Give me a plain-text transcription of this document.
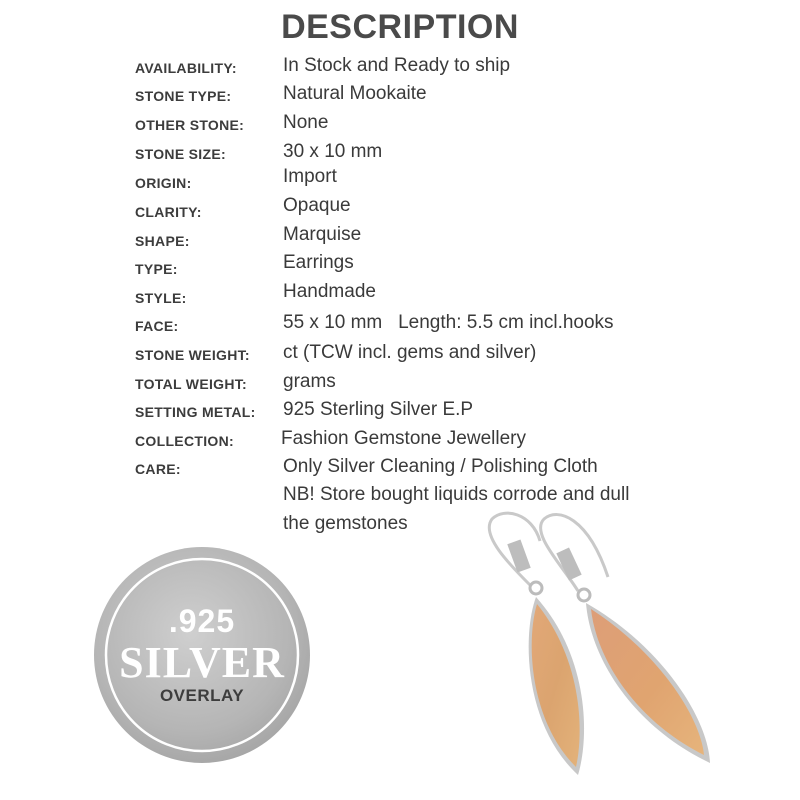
DESCRIPTION
AVAILABILITY: In Stock and Ready to ship
STONE TYPE:	Natural Mookaite
OTHER STONE: None
STONE SIZE:	30 x 10 mm
ORIGIN:	Import
CLARITY:	Opaque
SHAPE:	Marquise
TYPE:	Earrings
STYLE:	Handmade
FACE:	55 x 10 mm   Length: 5.5 cm incl.hooks
STONE WEIGHT: ct (TCW incl. gems and silver)
TOTAL WEIGHT: grams
SETTING METAL: 925 Sterling Silver E.P
COLLECTION: Fashion Gemstone Jewellery
CARE:	Only Silver Cleaning / Polishing Cloth
NB! Store bought liquids corrode and dull
the gemstones
.925
SILVER
OVERLAY
